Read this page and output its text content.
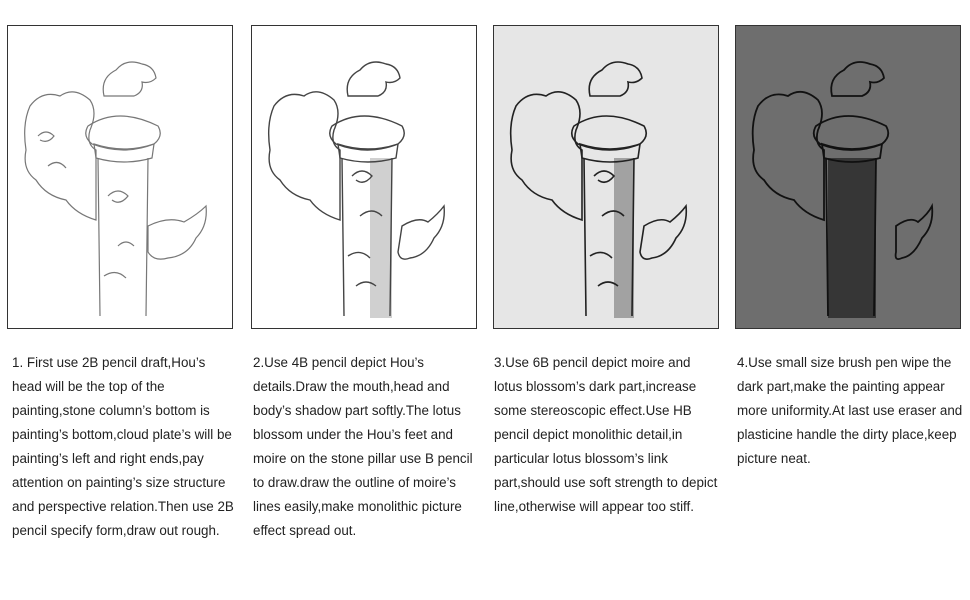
1. First use 2B pencil draft,Hou’s head will be the top of the painting,stone column’s bottom is painting’s bottom,cloud plate’s will be painting’s left and right ends,pay attention on painting’s size structure and perspective relation.Then use 2B pencil specify form,draw out rough.
2.Use 4B pencil depict Hou’s details.Draw the mouth,head and body’s shadow part softly.The lotus blossom under the Hou’s feet and moire on the stone pillar use B pencil to draw.draw the outline of moire’s lines easily,make monolithic picture effect spread out.
3.Use 6B pencil depict moire and lotus blossom’s dark part,increase some stereoscopic effect.Use HB pencil depict monolithic detail,in particular lotus blossom’s link part,should use soft strength to depict line,otherwise will appear too stiff.
4.Use small size brush pen wipe the dark part,make the painting appear more uniformity.At last use eraser and plasticine handle the dirty place,keep picture neat.
